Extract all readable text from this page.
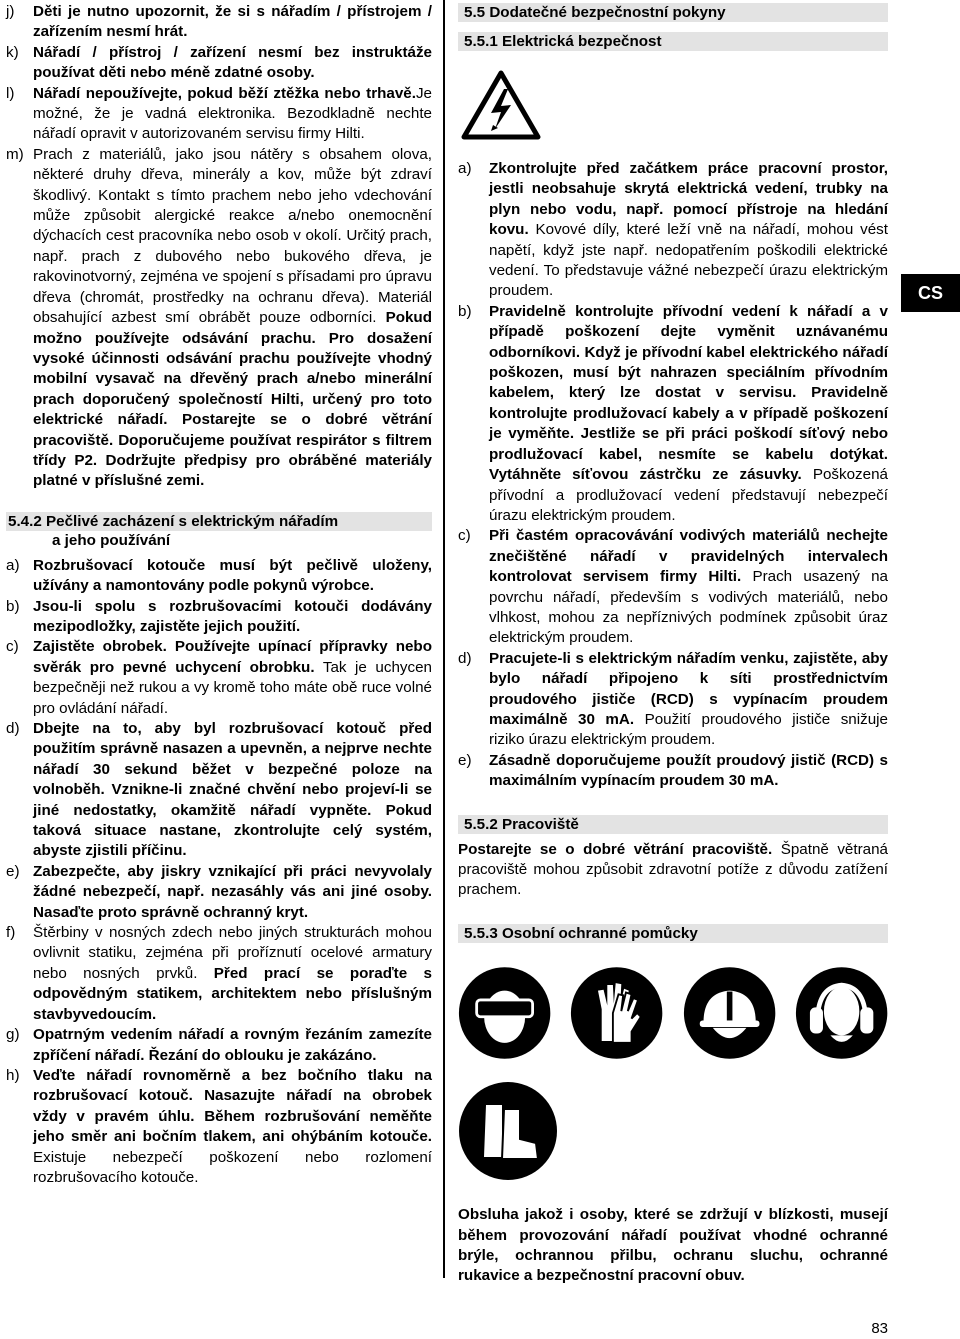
j) Děti je nutno upozornit, že si s nářadím / přístrojem / zařízením nesmí hrát.
k) Nářadí / přístroj / zařízení nesmí bez instruktáže používat děti nebo méně zdatné osoby.
l) Nářadí nepoužívejte, pokud běží ztěžka nebo trhavě.Je možné, že je vadná elektronika. Bezodkladně nechte nářadí opravit v autorizovaném servisu firmy Hilti.
m) Prach z materiálů, jako jsou nátěry s obsahem olova, některé druhy dřeva, minerály a kov, může být zdraví škodlivý. Kontakt s tímto prachem nebo jeho vdechování může způsobit alergické reakce a/nebo onemocnění dýchacích cest pracovníka nebo osob v okolí. Určitý prach, např. prach z dubového nebo bukového dřeva, je rakovinotvorný, zejména ve spojení s přísadami pro úpravu dřeva (chromát, prostředky na ochranu dřeva). Materiál obsahující azbest smí obrábět pouze odborníci. Pokud možno používejte odsávání prachu. Pro dosažení vysoké účinnosti odsávání prachu používejte vhodný mobilní vysavač na dřevěný prach a/nebo minerální prach doporučený společností Hilti, určený pro toto elektrické nářadí. Postarejte se o dobré větrání pracoviště. Doporučujeme používat respirátor s filtrem třídy P2. Dodržujte předpisy pro obráběné materiály platné v příslušné zemi.
5.4.2 Pečlivé zacházení s elektrickým nářadím
a jeho používání
a) Rozbrušovací kotouče musí být pečlivě uloženy, užívány a namontovány podle pokynů výrobce.
b) Jsou-li spolu s rozbrušovacími kotouči dodávány mezipodložky, zajistěte jejich použití.
c) Zajistěte obrobek. Používejte upínací přípravky nebo svěrák pro pevné uchycení obrobku. Tak je uchycen bezpečněji než rukou a vy kromě toho máte obě ruce volné pro ovládání nářadí.
d) Dbejte na to, aby byl rozbrušovací kotouč před použitím správně nasazen a upevněn, a nejprve nechte nářadí 30 sekund běžet v bezpečné poloze na volnoběh. Vznikne-li značné chvění nebo projeví-li se jiné nedostatky, okamžitě nářadí vypněte. Pokud taková situace nastane, zkontrolujte celý systém, abyste zjistili příčinu.
e) Zabezpečte, aby jiskry vznikající při práci nevyvolaly žádné nebezpečí, např. nezasáhly vás ani jiné osoby. Nasaďte proto správně ochranný kryt.
f) Štěrbiny v nosných zdech nebo jiných strukturách mohou ovlivnit statiku, zejména při proříznutí ocelové armatury nebo nosných prvků. Před prací se poraďte s odpovědným statikem, architektem nebo příslušným stavbyvedoucím.
g) Opatrným vedením nářadí a rovným řezáním zamezíte zpříčení nářadí. Řezání do oblouku je zakázáno.
h) Veďte nářadí rovnoměrně a bez bočního tlaku na rozbrušovací kotouč. Nasazujte nářadí na obrobek vždy v pravém úhlu. Během rozbrušování neměňte jeho směr ani bočním tlakem, ani ohýbáním kotouče. Existuje nebezpečí poškození nebo rozlomení rozbrušovacího kotouče.
5.5 Dodatečné bezpečnostní pokyny
5.5.1 Elektrická bezpečnost
a) Zkontrolujte před začátkem práce pracovní prostor, jestli neobsahuje skrytá elektrická vedení, trubky na plyn nebo vodu, např. pomocí přístroje na hledání kovu. Kovové díly, které leží vně na nářadí, mohou vést napětí, když jste např. nedopatřením poškodili elektrické vedení. To představuje vážné nebezpečí úrazu elektrickým proudem.
b) Pravidelně kontrolujte přívodní vedení k nářadí a v případě poškození dejte vyměnit uznávanému odborníkovi. Když je přívodní kabel elektrického nářadí poškozen, musí být nahrazen speciálním přívodním kabelem, který lze dostat v servisu. Pravidelně kontrolujte prodlužovací kabely a v případě poškození je vyměňte. Jestliže se při práci poškodí síťový nebo prodlužovací kabel, nesmíte se kabelu dotýkat. Vytáhněte síťovou zástrčku ze zásuvky. Poškozená přívodní a prodlužovací vedení představují nebezpečí úrazu elektrickým proudem.
c) Při častém opracovávání vodivých materiálů nechejte znečištěné nářadí v pravidelných intervalech kontrolovat servisem firmy Hilti. Prach usazený na povrchu nářadí, především s vodivých materiálů, nebo vlhkost, mohou za nepříznivých podmínek způsobit úraz elektrickým proudem.
d) Pracujete-li s elektrickým nářadím venku, zajistěte, aby bylo nářadí připojeno k síti prostřednictvím proudového jističe (RCD) s vypínacím proudem maximálně 30 mA. Použití proudového jističe snižuje riziko úrazu elektrickým proudem.
e) Zásadně doporučujeme použít proudový jistič (RCD) s maximálním vypínacím proudem 30 mA.
5.5.2 Pracoviště

Postarejte se o dobré větrání pracoviště. Špatně větraná pracoviště mohou způsobit zdravotní potíže z důvodu zatížení prachem.

5.5.3 Osobní ochranné pomůcky

Obsluha jakož i osoby, které se zdržují v blízkosti, musejí během provozování nářadí používat vhodné ochranné brýle, ochrannou přilbu, ochranu sluchu, ochranné rukavice a bezpečnostní pracovní obuv.

CS
83
